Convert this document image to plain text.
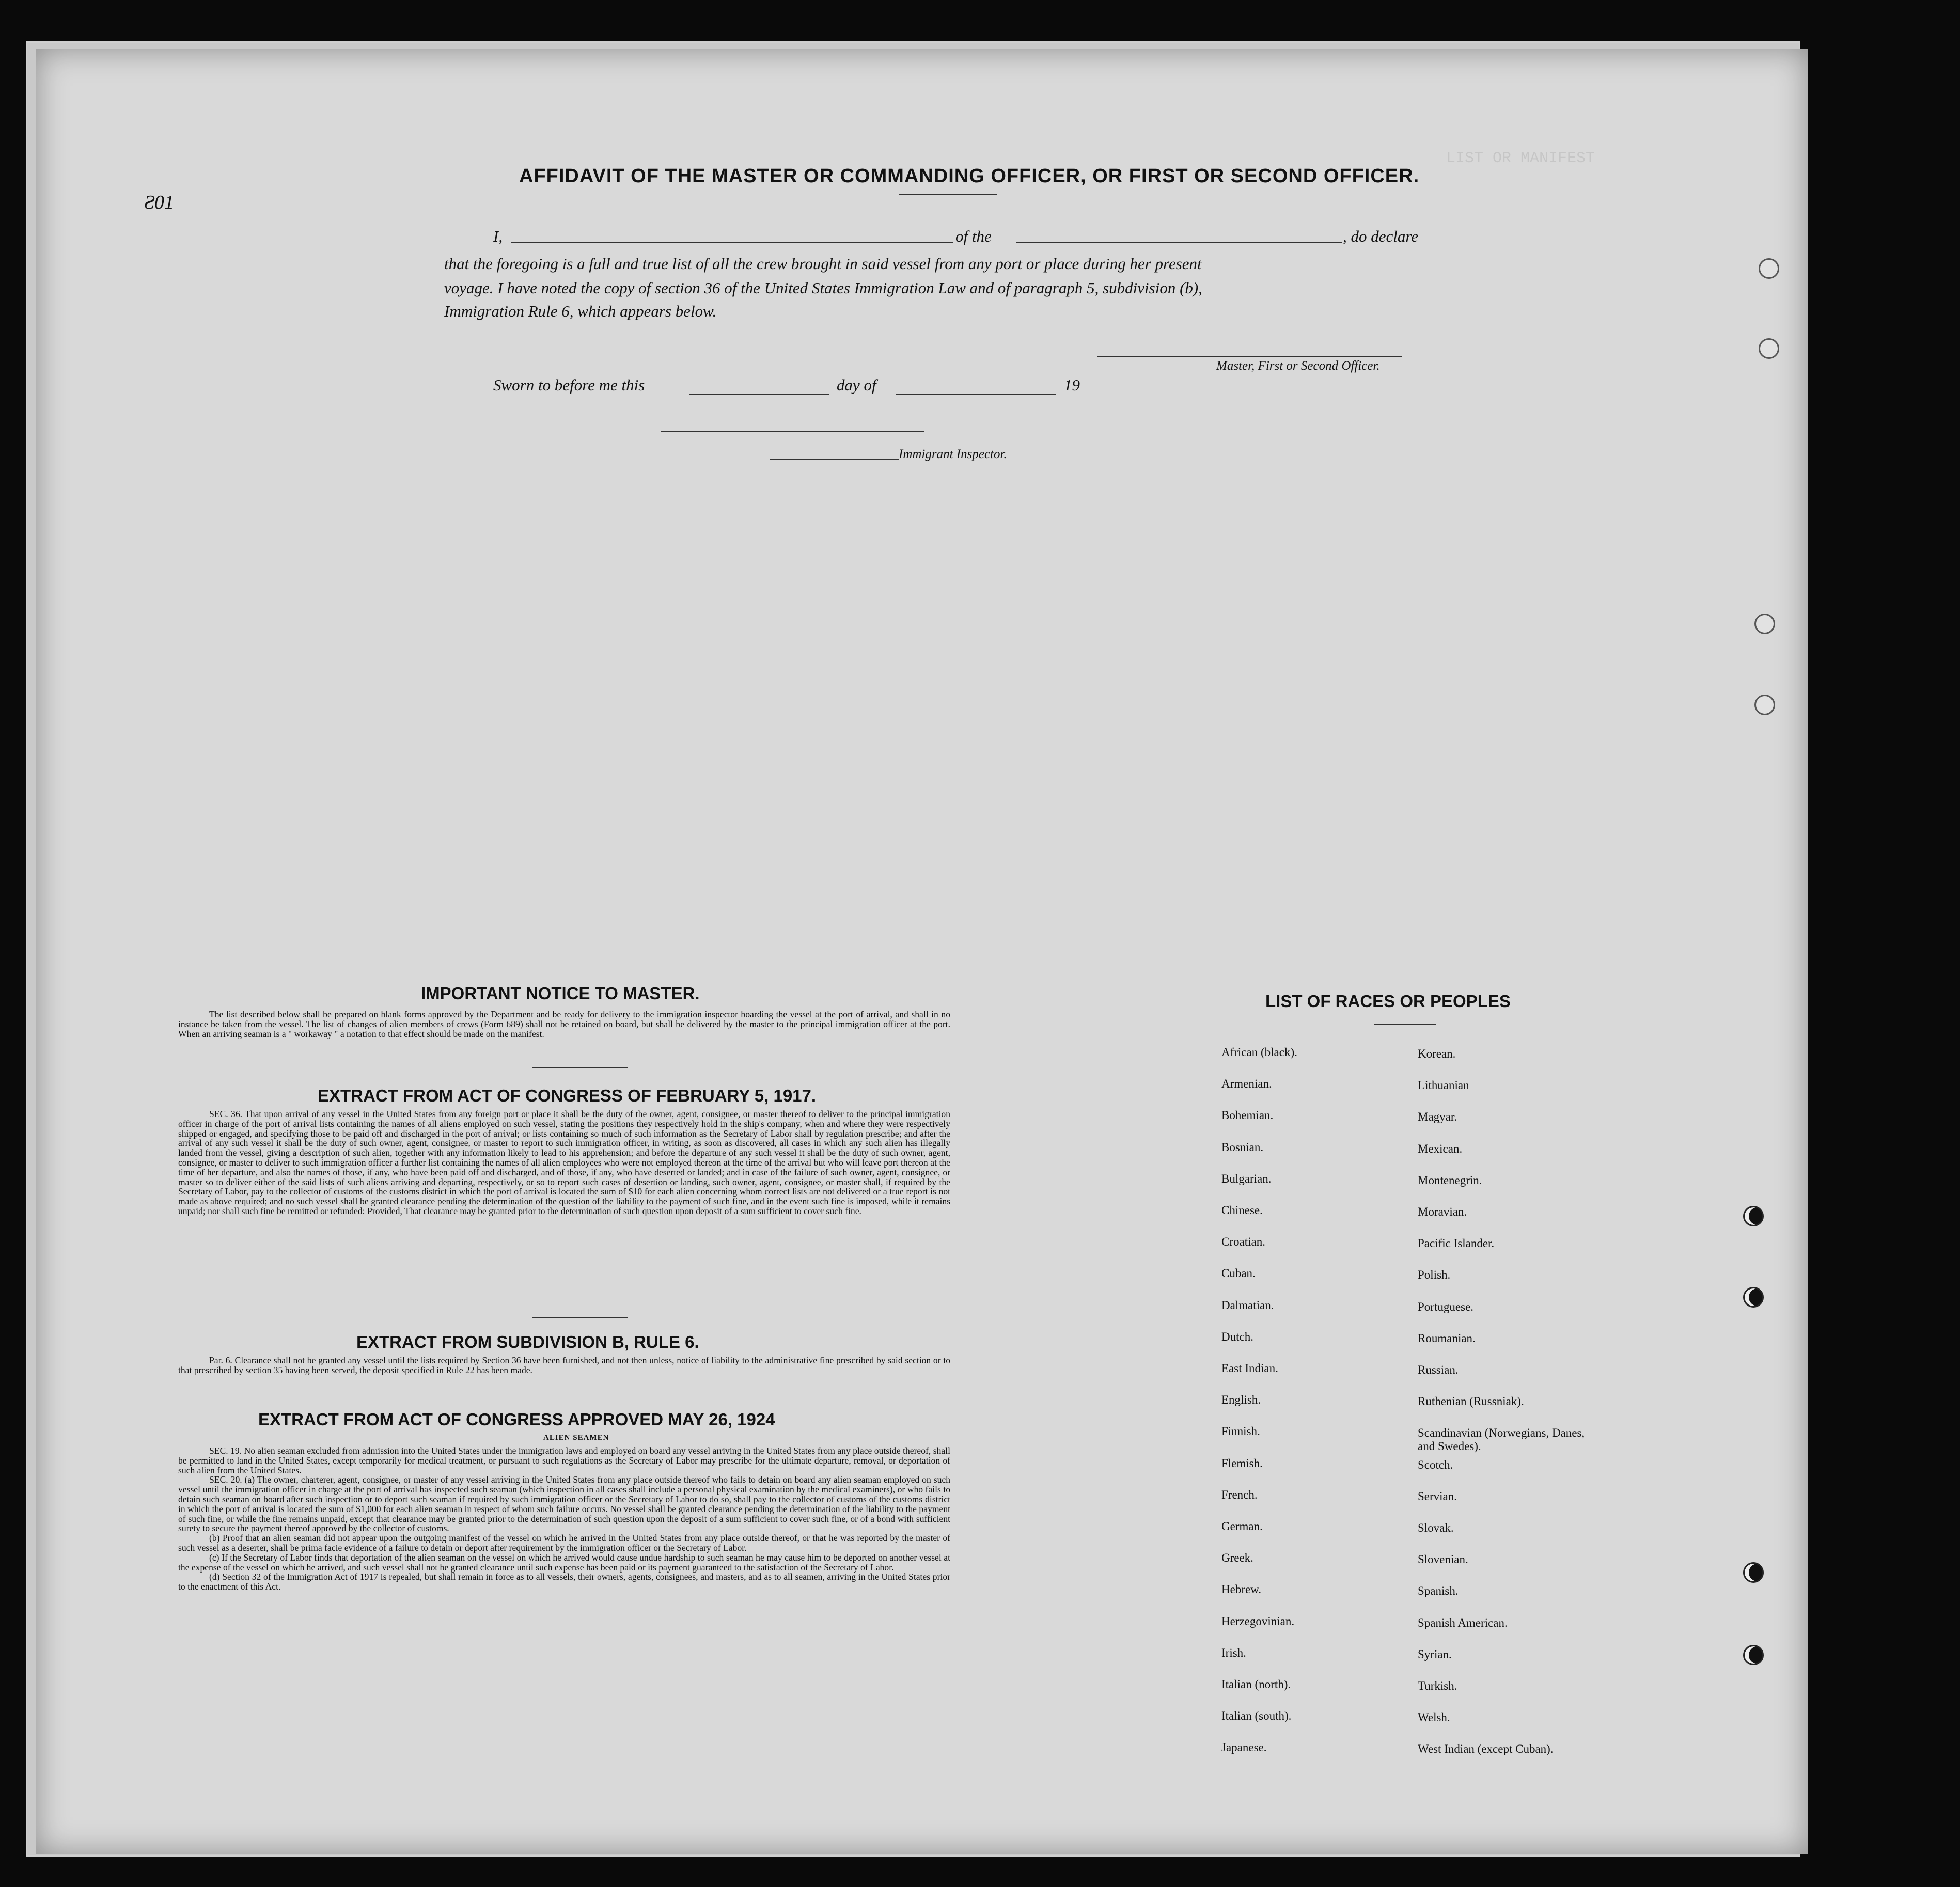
LIST OR MANIFEST
Ƨ01
AFFIDAVIT OF THE MASTER OR COMMANDING OFFICER, OR FIRST OR SECOND OFFICER.
I,	of the	, do declare
that the foregoing is a full and true list of all the crew brought in said vessel from any port or place during her present
voyage. I have noted the copy of section 36 of the United States Immigration Law and of paragraph 5, subdivision (b),
Immigration Rule 6, which appears below.
Master, First or Second Officer.
Sworn to before me this	day of	19
Immigrant Inspector.
IMPORTANT NOTICE TO MASTER.
The list described below shall be prepared on blank forms approved by the Department and be ready for delivery to the immigration inspector boarding the vessel at the port of arrival, and shall in no instance be taken from the vessel. The list of changes of alien members of crews (Form 689) shall not be retained on board, but shall be delivered by the master to the principal immigration officer at the port. When an arriving seaman is a " workaway " a notation to that effect should be made on the manifest.
EXTRACT FROM ACT OF CONGRESS OF FEBRUARY 5, 1917.
SEC. 36. That upon arrival of any vessel in the United States from any foreign port or place it shall be the duty of the owner, agent, consignee, or master thereof to deliver to the principal immigration officer in charge of the port of arrival lists containing the names of all aliens employed on such vessel, stating the positions they respectively hold in the ship's company, when and where they were respectively shipped or engaged, and specifying those to be paid off and discharged in the port of arrival; or lists containing so much of such information as the Secretary of Labor shall by regulation prescribe; and after the arrival of any such vessel it shall be the duty of such owner, agent, consignee, or master to report to such immigration officer, in writing, as soon as discovered, all cases in which any such alien has illegally landed from the vessel, giving a description of such alien, together with any information likely to lead to his apprehension; and before the departure of any such vessel it shall be the duty of such owner, agent, consignee, or master to deliver to such immigration officer a further list containing the names of all alien employees who were not employed thereon at the time of the arrival but who will leave port thereon at the time of her departure, and also the names of those, if any, who have been paid off and discharged, and of those, if any, who have deserted or landed; and in case of the failure of such owner, agent, consignee, or master so to deliver either of the said lists of such aliens arriving and departing, respectively, or so to report such cases of desertion or landing, such owner, agent, consignee, or master shall, if required by the Secretary of Labor, pay to the collector of customs of the customs district in which the port of arrival is located the sum of $10 for each alien concerning whom correct lists are not delivered or a true report is not made as above required; and no such vessel shall be granted clearance pending the determination of the question of the liability to the payment of such fine, and in the event such fine is imposed, while it remains unpaid; nor shall such fine be remitted or refunded: Provided, That clearance may be granted prior to the determination of such question upon deposit of a sum sufficient to cover such fine.
EXTRACT FROM SUBDIVISION B, RULE 6.
Par. 6. Clearance shall not be granted any vessel until the lists required by Section 36 have been furnished, and not then unless, notice of liability to the administrative fine prescribed by said section or to that prescribed by section 35 having been served, the deposit specified in Rule 22 has been made.
EXTRACT FROM ACT OF CONGRESS APPROVED MAY 26, 1924
ALIEN SEAMEN
SEC. 19. No alien seaman excluded from admission into the United States under the immigration laws and employed on board any vessel arriving in the United States from any place outside thereof, shall be permitted to land in the United States, except temporarily for medical treatment, or pursuant to such regulations as the Secretary of Labor may prescribe for the ultimate departure, removal, or deportation of such alien from the United States.
SEC. 20. (a) The owner, charterer, agent, consignee, or master of any vessel arriving in the United States from any place outside thereof who fails to detain on board any alien seaman employed on such vessel until the immigration officer in charge at the port of arrival has inspected such seaman (which inspection in all cases shall include a personal physical examination by the medical examiners), or who fails to detain such seaman on board after such inspection or to deport such seaman if required by such immigration officer or the Secretary of Labor to do so, shall pay to the collector of customs of the customs district in which the port of arrival is located the sum of $1,000 for each alien seaman in respect of whom such failure occurs. No vessel shall be granted clearance pending the determination of the liability to the payment of such fine, or while the fine remains unpaid, except that clearance may be granted prior to the determination of such question upon the deposit of a sum sufficient to cover such fine, or of a bond with sufficient surety to secure the payment thereof approved by the collector of customs.
(b) Proof that an alien seaman did not appear upon the outgoing manifest of the vessel on which he arrived in the United States from any place outside thereof, or that he was reported by the master of such vessel as a deserter, shall be prima facie evidence of a failure to detain or deport after requirement by the immigration officer or the Secretary of Labor.
(c) If the Secretary of Labor finds that deportation of the alien seaman on the vessel on which he arrived would cause undue hardship to such seaman he may cause him to be deported on another vessel at the expense of the vessel on which he arrived, and such vessel shall not be granted clearance until such expense has been paid or its payment guaranteed to the satisfaction of the Secretary of Labor.
(d) Section 32 of the Immigration Act of 1917 is repealed, but shall remain in force as to all vessels, their owners, agents, consignees, and masters, and as to all seamen, arriving in the United States prior to the enactment of this Act.
LIST OF RACES OR PEOPLES
African (black).
Armenian.
Bohemian.
Bosnian.
Bulgarian.
Chinese.
Croatian.
Cuban.
Dalmatian.
Dutch.
East Indian.
English.
Finnish.
Flemish.
French.
German.
Greek.
Hebrew.
Herzegovinian.
Irish.
Italian (north).
Italian (south).
Japanese.
Korean.
Lithuanian
Magyar.
Mexican.
Montenegrin.
Moravian.
Pacific Islander.
Polish.
Portuguese.
Roumanian.
Russian.
Ruthenian (Russniak).
Scandinavian (Norwegians, Danes, and Swedes).
Scotch.
Servian.
Slovak.
Slovenian.
Spanish.
Spanish American.
Syrian.
Turkish.
Welsh.
West Indian (except Cuban).
